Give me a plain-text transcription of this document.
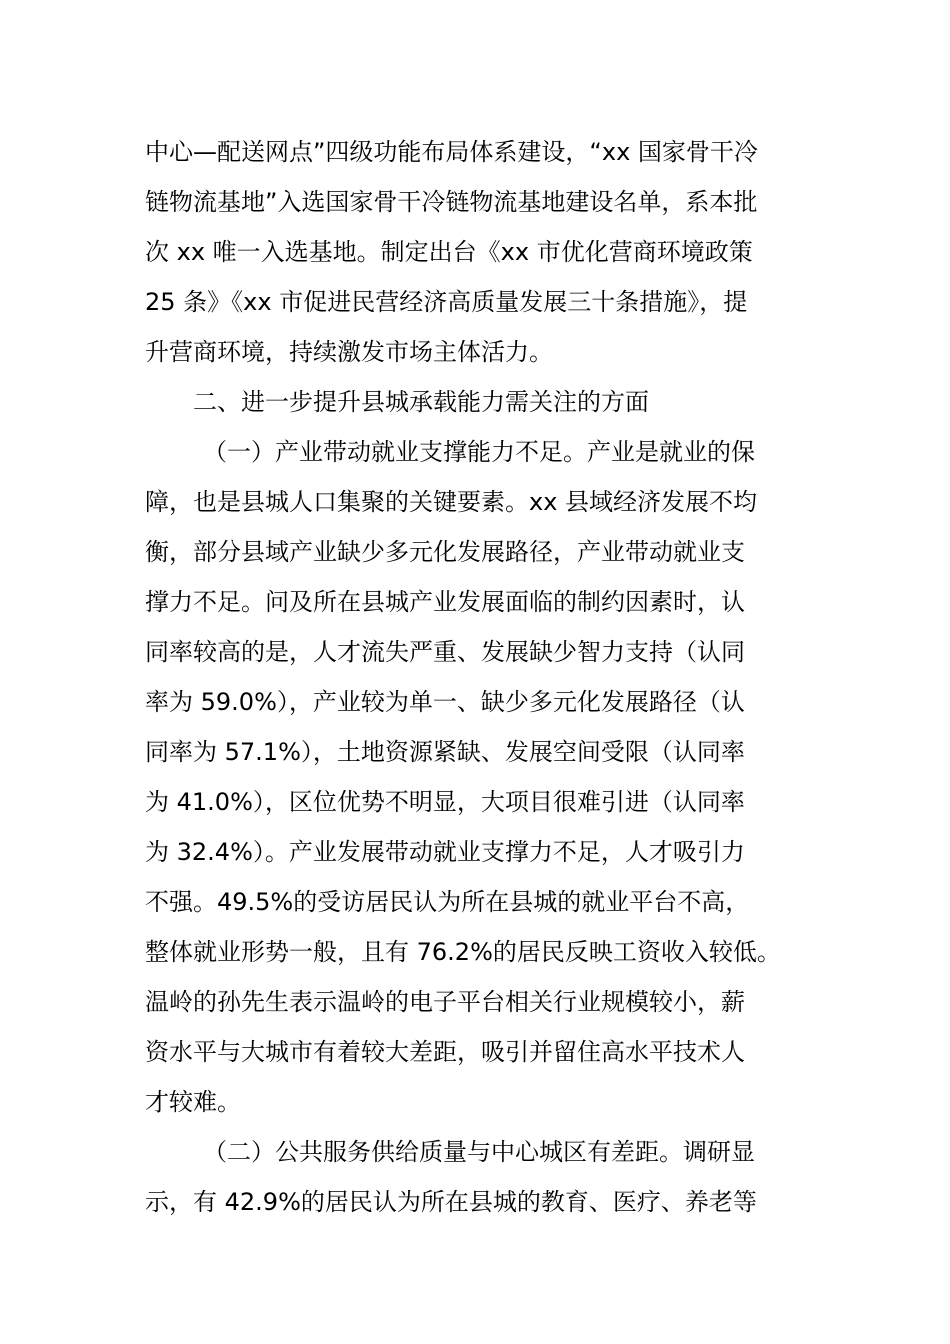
中心—配送网点”四级功能布局体系建设，“xx 国家骨干冷
链物流基地”入选国家骨干冷链物流基地建设名单，系本批
次 xx 唯一入选基地。制定出台《xx 市优化营商环境政策
25 条》《xx 市促进民营经济高质量发展三十条措施》，提
升营商环境，持续激发市场主体活力。
二、进一步提升县城承载能力需关注的方面
（一）产业带动就业支撑能力不足。产业是就业的保
障，也是县城人口集聚的关键要素。xx 县域经济发展不均
衡，部分县域产业缺少多元化发展路径，产业带动就业支
撑力不足。问及所在县城产业发展面临的制约因素时，认
同率较高的是，人才流失严重、发展缺少智力支持（认同
率为 59.0%），产业较为单一、缺少多元化发展路径（认
同率为 57.1%），土地资源紧缺、发展空间受限（认同率
为 41.0%），区位优势不明显，大项目很难引进（认同率
为 32.4%）。产业发展带动就业支撑力不足，人才吸引力
不强。49.5%的受访居民认为所在县城的就业平台不高，
整体就业形势一般，且有 76.2%的居民反映工资收入较低。
温岭的孙先生表示温岭的电子平台相关行业规模较小，薪
资水平与大城市有着较大差距，吸引并留住高水平技术人
才较难。
（二）公共服务供给质量与中心城区有差距。调研显
示，有 42.9%的居民认为所在县城的教育、医疗、养老等
